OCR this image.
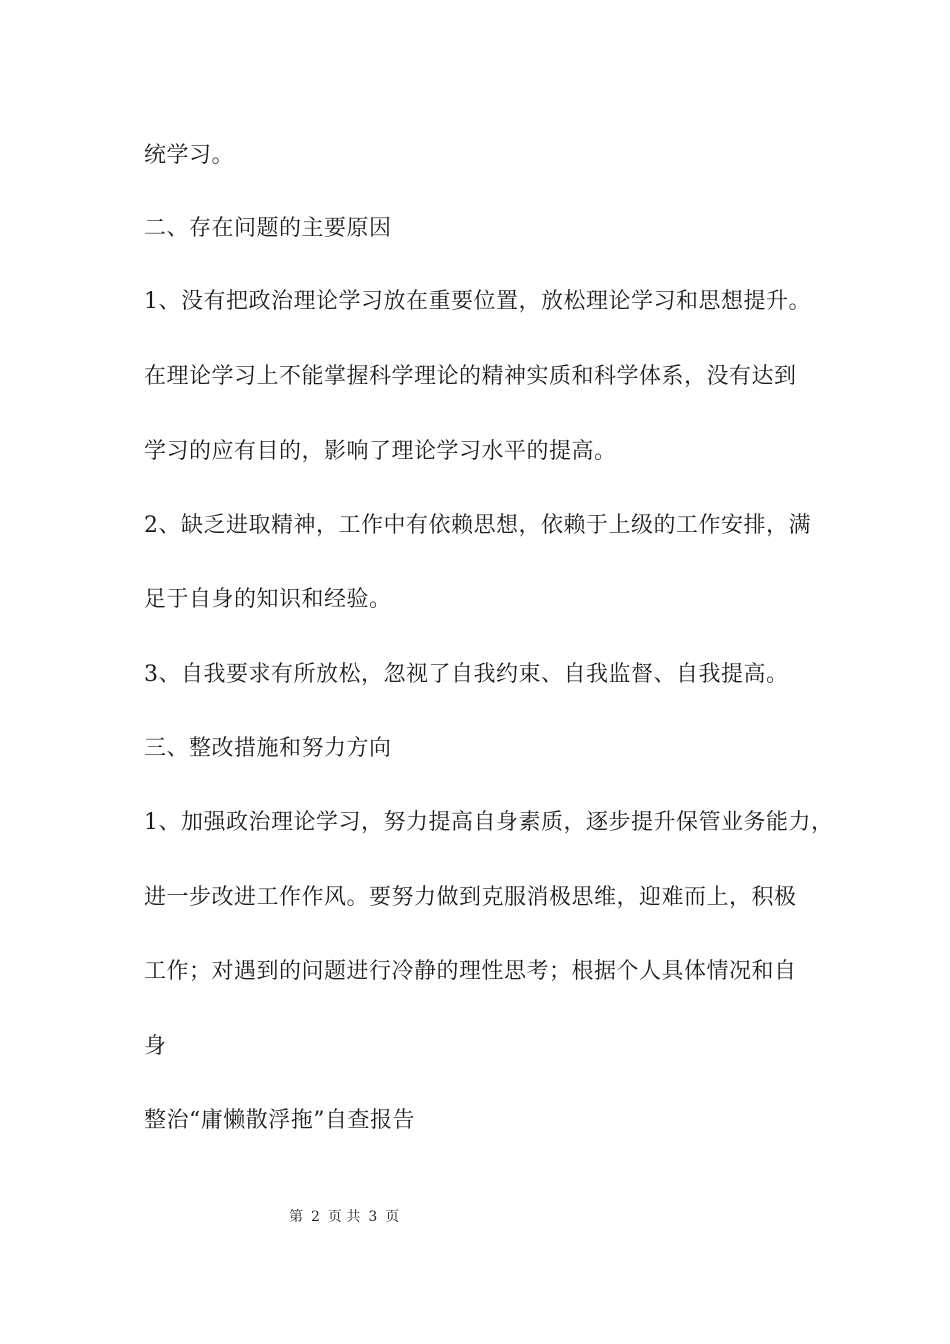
统学习。
二、存在问题的主要原因
1、没有把政治理论学习放在重要位置，放松理论学习和思想提升。
在理论学习上不能掌握科学理论的精神实质和科学体系，没有达到
学习的应有目的，影响了理论学习水平的提高。
2、缺乏进取精神，工作中有依赖思想，依赖于上级的工作安排，满
足于自身的知识和经验。
3、自我要求有所放松，忽视了自我约束、自我监督、自我提高。
三、整改措施和努力方向
1、加强政治理论学习，努力提高自身素质，逐步提升保管业务能力，
进一步改进工作作风。要努力做到克服消极思维，迎难而上，积极
工作；对遇到的问题进行冷静的理性思考；根据个人具体情况和自
身
整治“庸懒散浮拖”自查报告
第 2 页 共 3 页
